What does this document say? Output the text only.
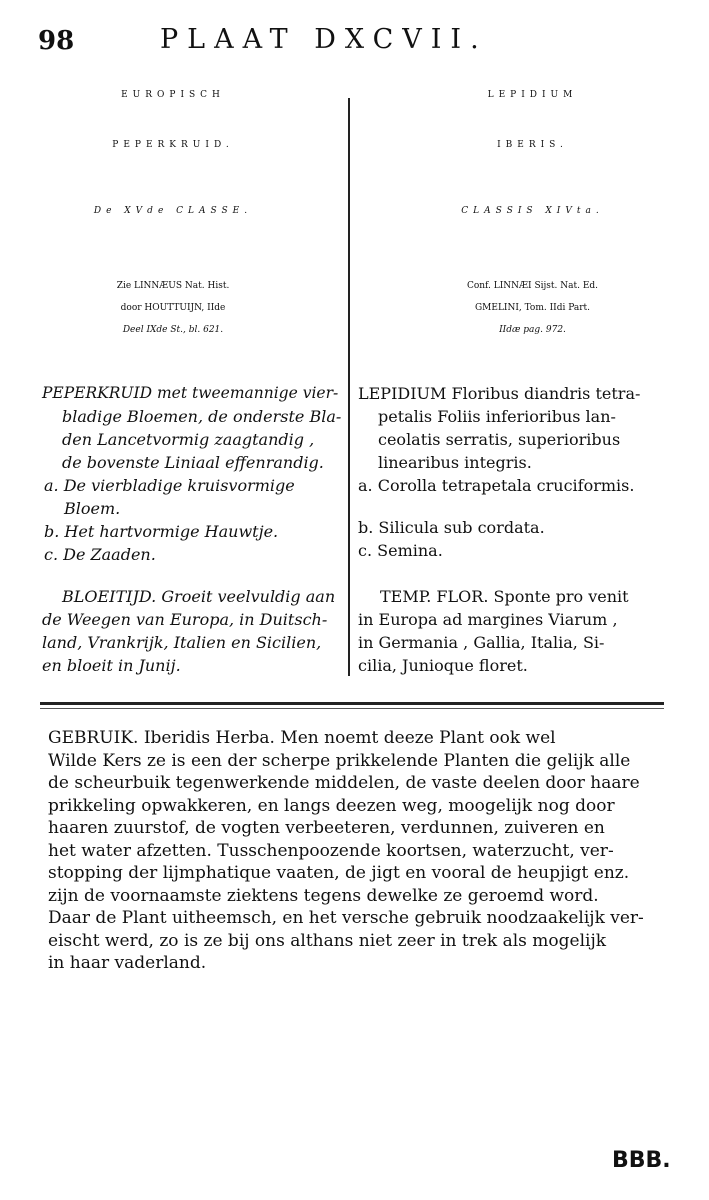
98	PLAAT DXCVII.
EUROPISCH
PEPERKRUID.
De XVde CLASSE.
Zie LINNÆUS Nat. Hist.
door HOUTTUIJN, IIde
Deel IXde St., bl. 621.
PEPERKRUID met tweemannige vier-
bladige Bloemen, de onderste Bla-
den Lancetvormig zaagtandig ,
de bovenste Liniaal effenrandig.
a. De vierbladige kruisvormige
Bloem.
b. Het hartvormige Hauwtje.
c. De Zaaden.
BLOEITIJD. Groeit veelvuldig aan
de Weegen van Europa, in Duitsch-
land, Vrankrijk, Italien en Sicilien,
en bloeit in Junij.
LEPIDIUM
IBERIS.
CLASSIS XIVta.
Conf. LINNÆI Sijst. Nat. Ed.
GMELINI, Tom. IIdi Part.
IIdæ pag. 972.
LEPIDIUM Floribus diandris tetra-
petalis Foliis inferioribus lan-
ceolatis serratis, superioribus
linearibus integris.
a. Corolla tetrapetala cruciformis.
b. Silicula sub cordata.
c. Semina.
TEMP. FLOR. Sponte pro venit
in Europa ad margines Viarum ,
in Germania , Gallia, Italia, Si-
cilia, Junioque floret.
GEBRUIK. Iberidis Herba. Men noemt deeze Plant ook wel
Wilde Kers ze is een der scherpe prikkelende Planten die gelijk alle
de scheurbuik tegenwerkende middelen, de vaste deelen door haare
prikkeling opwakkeren, en langs deezen weg, moogelijk nog door
haaren zuurstof, de vogten verbeeteren, verdunnen, zuiveren en
het water afzetten. Tusschenpoozende koortsen, waterzucht, ver-
stopping der lijmphatique vaaten, de jigt en vooral de heupjigt enz.
zijn de voornaamste ziektens tegens dewelke ze geroemd word.
Daar de Plant uitheemsch, en het versche gebruik noodzaakelijk ver-
eischt werd, zo is ze bij ons althans niet zeer in trek als mogelijk
in haar vaderland.
BBB.
